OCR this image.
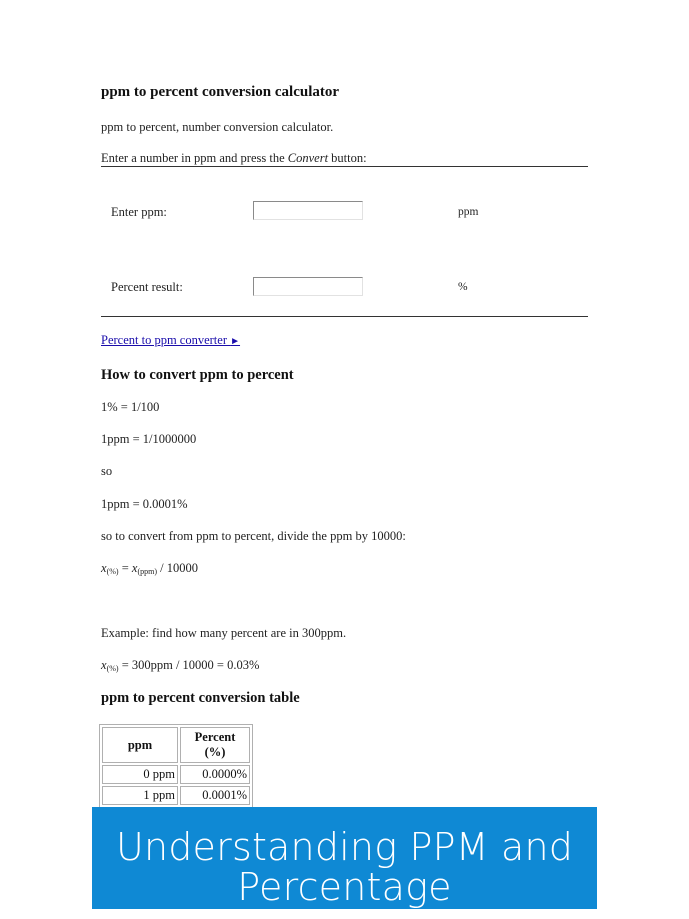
ppm to percent conversion calculator
ppm to percent, number conversion calculator.
Enter a number in ppm and press the Convert button:
Enter ppm:	ppm
Percent result:	%
Percent to ppm converter ►
How to convert ppm to percent
1% = 1/100
1ppm = 1/1000000
so
1ppm = 0.0001%
so to convert from ppm to percent, divide the ppm by 10000:
$x_{(\%)} = x_{(ppm)} / 10000$
Example: find how many percent are in 300ppm.
$x_{(\%)} = 300ppm / 10000 = 0.03\%$
ppm to percent conversion table
ppm	Percent
(%)
0 ppm	0.0000%
1 ppm	0.0001%
Understanding PPM and
Percentage
